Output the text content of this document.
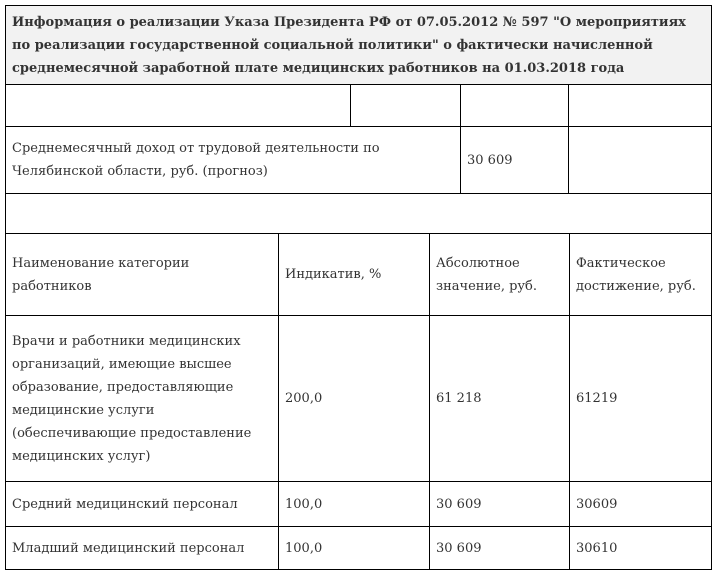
Информация о реализации Указа Президента РФ от 07.05.2012 № 597 "О мероприятиях по реализации государственной социальной политики" о фактически начисленной среднемесячной заработной плате медицинских работников на 01.03.2018 года			

Среднемесячный доход от трудовой деятельности по Челябинской области, руб. (прогноз)		30 609	

Наименование категории работников	Индикатив, %	Абсолютное значение, руб.	Фактическое достижение, руб.
Врачи и работники медицинских организаций, имеющие высшее образование, предоставляющие медицинские услуги (обеспечивающие предоставление медицинских услуг)	200,0	61 218	61219
Средний медицинский персонал	100,0	30 609	30609
Младший медицинский персонал	100,0	30 609	30610
